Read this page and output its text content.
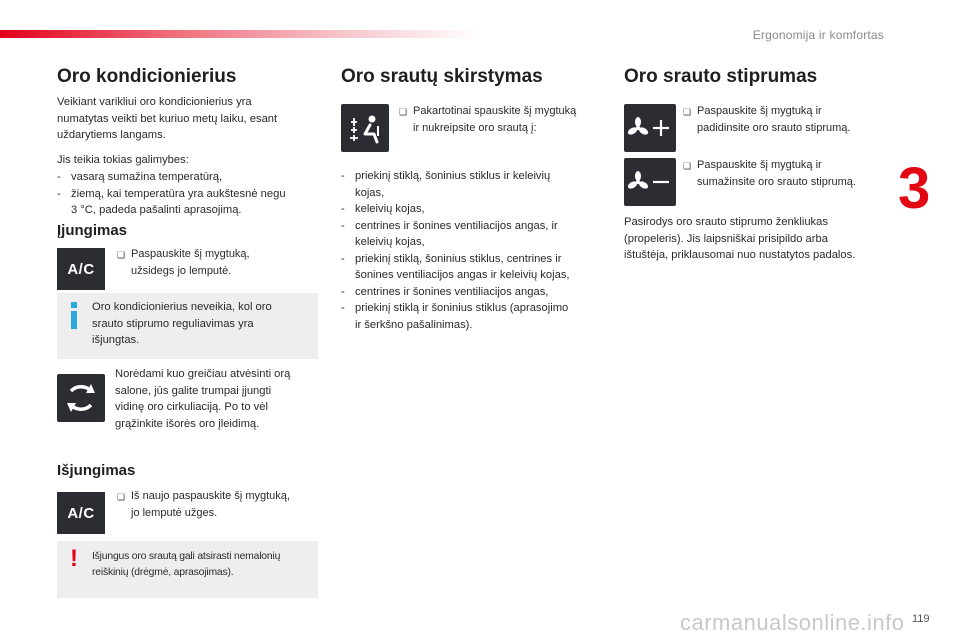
Ergonomija ir komfortas
3
119
Oro kondicionierius

Veikiant varikliui oro kondicionierius yra
numatytas veikti bet kuriuo metų laiku, esant
uždarytiems langams.

Jis teikia tokias galimybes:

- vasarą sumažina temperatūrą,
- žiemą, kai temperatūra yra aukštesnė negu
3 °C, padeda pašalinti aprasojimą.
Įjungimas
A/C
❑ Paspauskite šį mygtuką,
užsidegs jo lemputė.

Oro kondicionierius neveikia, kol oro
srauto stiprumo reguliavimas yra
išjungtas.

Norėdami kuo greičiau atvėsinti orą
salone, jūs galite trumpai įjungti
vidinę oro cirkuliaciją. Po to vėl
grąžinkite išorės oro įleidimą.

Išjungimas
A/C
❑ Iš naujo paspauskite šį mygtuką,
jo lemputė užges.
! Išjungus oro srautą gali atsirasti nemalonių
reiškinių (drėgmė, aprasojimas).

Oro srautų skirstymas
❑ Pakartotinai spauskite šį mygtuką
ir nukreipsite oro srautą į:
- priekinį stiklą, šoninius stiklus ir keleivių
kojas,
- keleivių kojas,
- centrines ir šonines ventiliacijos angas, ir
keleivių kojas,
- priekinį stiklą, šoninius stiklus, centrines ir
šonines ventiliacijos angas ir keleivių kojas,
- centrines ir šonines ventiliacijos angas,
- priekinį stiklą ir šoninius stiklus (aprasojimo
ir šerkšno pašalinimas).
Oro srauto stiprumas
❑ Paspauskite šį mygtuką ir
padidinsite oro srauto stiprumą.
❑ Paspauskite šį mygtuką ir
sumažinsite oro srauto stiprumą.

Pasirodys oro srauto stiprumo ženkliukas
(propeleris). Jis laipsniškai prisipildo arba
ištuštėja, priklausomai nuo nustatytos padalos.

carmanualsonline.info
